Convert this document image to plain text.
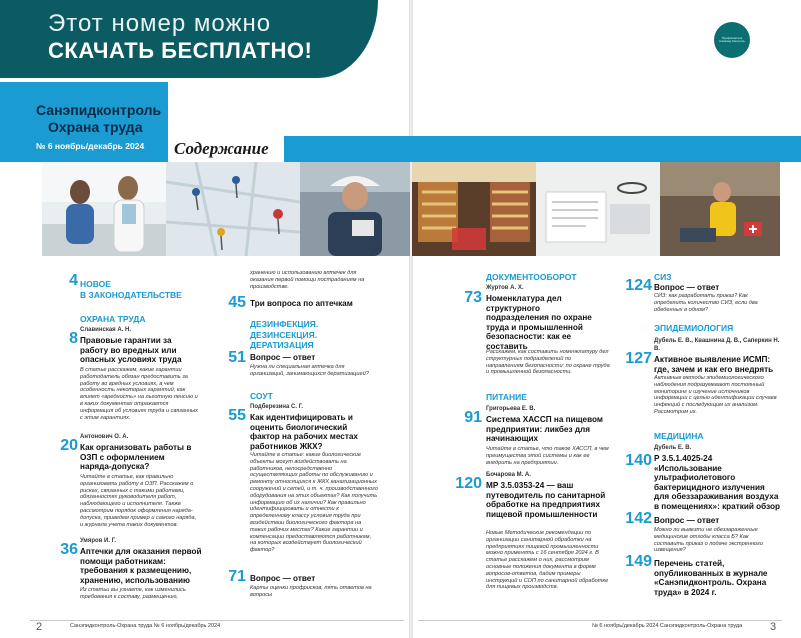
Этот номер можно
СКАЧАТЬ БЕСПЛАТНО!
Профилактика Санэпид Контроль
Санэпидконтроль
Охрана труда
№ 6 ноябрь/декабрь 2024	Содержание
4 НОВОЕ
В ЗАКОНОДАТЕЛЬСТВЕ
ОХРАНА ТРУДА
8 Славинская А. Н.
Правовые гарантии за работу во вредных или опасных условиях труда
В статье расскажем, какие гарантии работодатель обязан предоставить за работу во вредных условиях, в чем особенность некоторых гарантий, как влияет «вредность» на льготную пенсию и в каких документах отражается информация об условиях труда и связанных с этим гарантиях.
20 Антонович О. А.
Как организовать работы в ОЗП с оформлением наряда-допуска?
Читайте в статье, как правильно организовать работу в ОЗП. Расскажем о рисках, связанных с такими работами, обязанностях руководителя работ, наблюдающего и исполнителя. Также рассмотрим порядок оформления наряда-допуска, приведем пример и самого наряда, и журнала учета таких документов.
36 Умяров И. Г.
Аптечки для оказания первой помощи работникам: требования к размещению, хранению, использованию
Из статьи вы узнаете, как изменились требования к составу, размещению,
хранению и использованию аптечек для оказания первой помощи постраданиям на производстве.
45 Три вопроса по аптечкам
ДЕЗИНФЕКЦИЯ.
ДЕЗИНСЕКЦИЯ.
ДЕРАТИЗАЦИЯ
51 Вопрос — ответ
Нужна ли специальная аптечка для организаций, занимающихся дератизацией?
СОУТ
55 Подберезина С. Г.
Как идентифицировать и оценить биологический фактор на рабочих местах работников ЖКХ?
Читайте в статье: какие биологические объекты могут воздействовать на работников, непосредственно осуществляющих работы по обслуживанию и ремонту относящихся к ЖКХ канализационных сооружений и сетей, и т. ч. производственного оборудования на этих объектах? Как получить информацию об их наличии? Как правильно идентифицировать и отнести к определенному классу условия труда при воздействии биологического фактора на таких рабочих местах? Какие гарантии и компенсации предоставляются работникам, на которых воздействует биологический фактор?
71 Вопрос — ответ
Карты оценки профрисков, пять ответов на вопросы
2	Санэпидконтроль-Охрана труда № 6 ноябрь/декабрь 2024
ДОКУМЕНТООБОРОТ
73
Журтов А. Х.
Номенклатура дел структурного подразделения по охране труда и промышленной безопасности: как ее составить
Расскажем, как составить номенклатуру дел структурных подразделений по направлениям безопасности: по охране труда и промышленной безопасности.
ПИТАНИЕ
91 Григорьева Е. В.
Система ХАССП на пищевом предприятии: ликбез для начинающих
Читайте в статье, что такое ХАССП, в чем преимущества этой системы и как ее внедрить на предприятии.
120 Бочарова М. А.
МР 3.5.0353-24 — ваш путеводитель по санитарной обработке на предприятиях пищевой промышленности
Новые Методические рекомендации по организации санитарной обработки на предприятиях пищевой промышленности можно применять с 16 сентября 2024 г. В статье расскажем о них, рассмотрим основные положения документа в форме вопросов-ответов, дадим примеры инструкций и СОП по санитарной обработке для пищевых производств.
СИЗ
124 Вопрос — ответ
СИЗ: как разработать приказ? Как определить количество СИЗ, если два обеденных в одном?
ЭПИДЕМИОЛОГИЯ
127
Дубель Е. В., Квашнина Д. В., Саперкин Н. В.
Активное выявление ИСМП: где, зачем и как его внедрять
Активные методы эпидемиологического наблюдения подразумевают постоянный мониторинг и изучение источников информации с целью идентификации случаев инфекций с последующим их анализом. Рассмотрим их.
МЕДИЦИНА
140
Дубель Е. В.
Р 3.5.1.4025-24 «Использование ультрафиолетового бактерицидного излучения для обеззараживания воздуха в помещениях»: краткий обзор
142 Вопрос — ответ
Можно ли вывезти не обеззараженные медицинские отходы класса Б? Как составить приказ о подаче экстренного извещения?
149 Перечень статей, опубликованных в журнале «Санэпидконтроль. Охрана труда» в 2024 г.
№ 6 ноябрь/декабрь 2024 Санэпидконтроль-Охрана труда	3
